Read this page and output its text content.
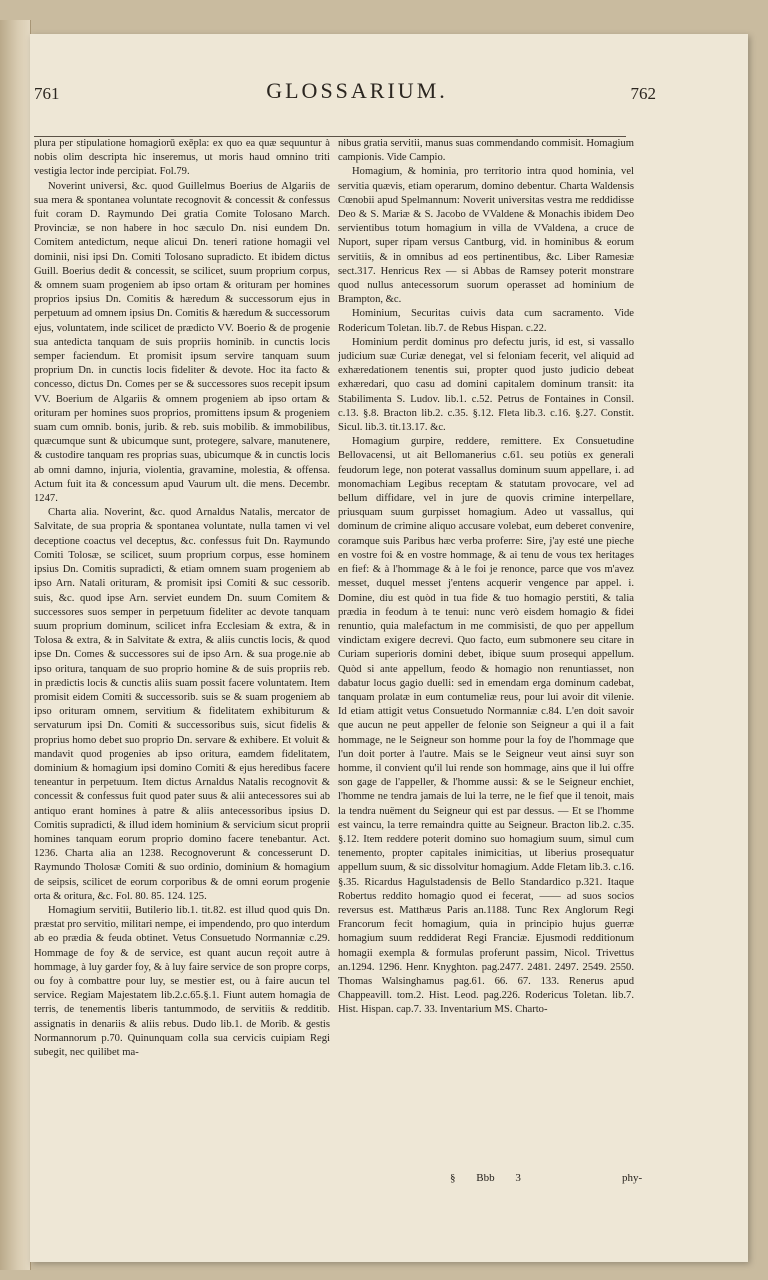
761	GLOSSARIUM.	762

plura per stipulatione homagiorū exēpla: ex quo ea quæ sequuntur à nobis olim descripta hic inseremus, ut moris haud omnino triti vestigia lector inde percipiat. Fol.79.

Noverint universi, &c. quod Guillelmus Boerius de Algariis de sua mera & spontanea voluntate recognovit & concessit & confessus fuit coram D. Raymundo Dei gratia Comite Tolosano March. Provinciæ, se non habere in hoc sæculo Dn. nisi eundem Dn. Comitem antedictum, neque alicui Dn. teneri ratione homagii vel dominii, nisi ipsi Dn. Comiti Tolosano supradicto. Et ibidem dictus Guill. Boerius dedit & concessit, se scilicet, suum proprium corpus, & omnem suam progeniem ab ipso ortam & orituram per homines proprios ipsius Dn. Comitis & hæredum & successorum ejus in perpetuum ad omnem ipsius Dn. Comitis & hæredum & successorum ejus, voluntatem, inde scilicet de prædicto VV. Boerio & de progenie sua antedicta tanquam de suis propriis hominib. in cunctis locis semper faciendum. Et promisit ipsum servire tanquam suum proprium Dn. in cunctis locis fideliter & devote. Hoc ita facto & concesso, dictus Dn. Comes per se & successores suos recepit ipsum VV. Boerium de Algariis & omnem progeniem ab ipso ortam & orituram per homines suos proprios, promittens ipsum & progeniem suam cum omnib. bonis, jurib. & reb. suis mobilib. & immobilibus, quæcumque sunt & ubicumque sunt, protegere, salvare, manutenere, & custodire tanquam res proprias suas, ubicumque & in cunctis locis ab omni damno, injuria, violentia, gravamine, molestia, & offensa. Actum fuit ita & concessum apud Vaurum ult. die mens. Decembr. 1247.

Charta alia. Noverint, &c. quod Arnaldus Natalis, mercator de Salvitate, de sua propria & spontanea voluntate, nulla tamen vi vel deceptione coactus vel deceptus, &c. confessus fuit Dn. Raymundo Comiti Tolosæ, se scilicet, suum proprium corpus, esse hominem ipsius Dn. Comitis supradicti, & etiam omnem suam progeniem ab ipso Arn. Natali orituram, & promisit ipsi Comiti & suc cessorib. suis, &c. quod ipse Arn. serviet eundem Dn. suum Comitem & successores suos semper in perpetuum fideliter ac devote tanquam suum proprium dominum, scilicet infra Ecclesiam & extra, & in Tolosa & extra, & in Salvitate & extra, & aliis cunctis locis, & quod ipse Dn. Comes & successores sui de ipso Arn. & sua proge.nie ab ipso oritura, tanquam de suo proprio homine & de suis propriis reb. in prædictis locis & cunctis aliis suam possit facere voluntatem. Item promisit eidem Comiti & successorib. suis se & suam progeniem ab ipso orituram omnem, servitium & fidelitatem exhibiturum & servaturum ipsi Dn. Comiti & successoribus suis, sicut fidelis & proprius homo debet suo proprio Dn. servare & exhibere. Et voluit & mandavit quod progenies ab ipso oritura, eamdem fidelitatem, dominium & homagium ipsi domino Comiti & ejus heredibus facere teneantur in perpetuum. Item dictus Arnaldus Natalis recognovit & concessit & confessus fuit quod pater suus & alii antecessores sui ab antiquo erant homines à patre & aliis antecessoribus ipsius D. Comitis supradicti, & illud idem hominium & servicium sicut proprii homines tanquam eorum proprio domino facere tenebantur. Act. 1236. Charta alia an 1238. Recognoverunt & concesserunt D. Raymundo Tholosæ Comiti & suo ordinio, dominium & homagium de seipsis, scilicet de eorum corporibus & de omni eorum progenie orta & oritura, &c. Fol. 80. 85. 124. 125.

Homagium servitii, Butilerio lib.1. tit.82. est illud quod quis Dn. præstat pro servitio, militari nempe, ei impendendo, pro quo interdum ab eo prædia & feuda obtinet. Vetus Consuetudo Normanniæ c.29. Hommage de foy & de service, est quant aucun reçoit autre à hommage, à luy garder foy, & à luy faire service de son propre corps, ou foy à combattre pour luy, se mestier est, ou à faire aucun tel service. Regiam Majestatem lib.2.c.65.§.1. Fiunt autem homagia de terris, de tenementis liberis tantummodo, de servitiis & redditib. assignatis in denariis & aliis rebus. Dudo lib.1. de Morib. & gestis Normannorum p.70. Quinunquam colla sua cervicis cuipiam Regi subegit, nec quilibet ma-

nibus gratia servitii, manus suas commendando commisit. Homagium campionis. Vide Campio.

Homagium, & hominia, pro territorio intra quod hominia, vel servitia quævis, etiam operarum, domino debentur. Charta Waldensis Cœnobii apud Spelmannum: Noverit universitas vestra me reddidisse Deo & S. Mariæ & S. Jacobo de VValdene & Monachis ibidem Deo servientibus totum homagium in villa de VValdena, a cruce de Nuport, super ripam versus Cantburg, vid. in hominibus & eorum servitiis, & in omnibus ad eos pertinentibus, &c. Liber Ramesiæ sect.317. Henricus Rex — si Abbas de Ramsey poterit monstrare quod nullus antecessorum suorum operasset ad hominium de Brampton, &c.

Hominium, Securitas cuivis data cum sacramento. Vide Rodericum Toletan. lib.7. de Rebus Hispan. c.22.

Hominium perdit dominus pro defectu juris, id est, si vassallo judicium suæ Curiæ denegat, vel si feloniam fecerit, vel aliquid ad exhæredationem tenentis sui, propter quod justo judicio debeat exhæredari, quo casu ad domini capitalem dominum transit: ita Stabilimenta S. Ludov. lib.1. c.52. Petrus de Fontaines in Consil. c.13. §.8. Bracton lib.2. c.35. §.12. Fleta lib.3. c.16. §.27. Constit. Sicul. lib.3. tit.13.17. &c.

Homagium gurpire, reddere, remittere. Ex Consuetudine Bellovacensi, ut ait Bellomanerius c.61. seu potiùs ex generali feudorum lege, non poterat vassallus dominum suum appellare, i. ad monomachiam Legibus receptam & statutam provocare, vel ad bellum diffidare, vel in jure de quovis crimine interpellare, priusquam suum gurpisset homagium. Adeo ut vassallus, qui dominum de crimine aliquo accusare volebat, eum deberet convenire, coramque suis Paribus hæc verba proferre: Sire, j'ay esté une pieche en vostre foi & en vostre hommage, & ai tenu de vous tex heritages en fief: & à l'hommage & à le foi je renonce, parce que vos m'avez messet, duquel messet j'entens acquerir vengence par appel. i. Domine, diu est quòd in tua fide & tuo homagio perstiti, & talia prædia in feodum à te tenui: nunc verò eisdem homagio & fidei renuntio, quia malefactum in me commisisti, de quo per appellum vindictam exigere decrevi. Quo facto, eum submonere seu citare in Curiam superioris domini debet, ibique suum prosequi appellum. Quòd si ante appellum, feodo & homagio non renuntiasset, non dabatur locus gagio duelli: sed in emendam erga dominum cadebat, tanquam prolatæ in eum contumeliæ reus, pour lui avoir dit vilenie. Id etiam attigit vetus Consuetudo Normanniæ c.84. L'en doit savoir que aucun ne peut appeller de felonie son Seigneur a qui il a fait hommage, ne le Seigneur son homme pour la foy de l'hommage que l'un doit porter à l'autre. Mais se le Seigneur veut ainsi suyr son homme, il convient qu'il lui rende son hommage, ains que il lui offre son gage de l'appeller, & l'homme aussi: & se le Seigneur enchiet, l'homme ne tendra jamais de lui la terre, ne le fief que il tenoit, mais la tendra nuëment du Seigneur qui est par dessus. — Et se l'homme est vaincu, la terre remaindra quitte au Seigneur. Bracton lib.2. c.35. §.12. Item reddere poterit domino suo homagium suum, simul cum tenemento, propter capitales inimicitias, ut liberius prosequatur appellum suum, & sic dissolvitur homagium. Adde Fletam lib.3. c.16. §.35. Ricardus Hagulstadensis de Bello Standardico p.321. Itaque Robertus reddito homagio quod ei fecerat, —— ad suos socios reversus est. Matthæus Paris an.1188. Tunc Rex Anglorum Regi Francorum fecit homagium, quia in principio hujus guerræ homagium suum reddiderat Regi Franciæ. Ejusmodi redditionum homagii exempla & formulas proferunt passim, Nicol. Trivettus an.1294. 1296. Henr. Knyghton. pag.2477. 2481. 2497. 2549. 2550. Thomas Walsinghamus pag.61. 66. 67. 133. Renerus apud Chappeavill. tom.2. Hist. Leod. pag.226. Rodericus Toletan. lib.7. Hist. Hispan. cap.7. 33. Inventarium MS. Charto-

§ Bbb 3	phy-
